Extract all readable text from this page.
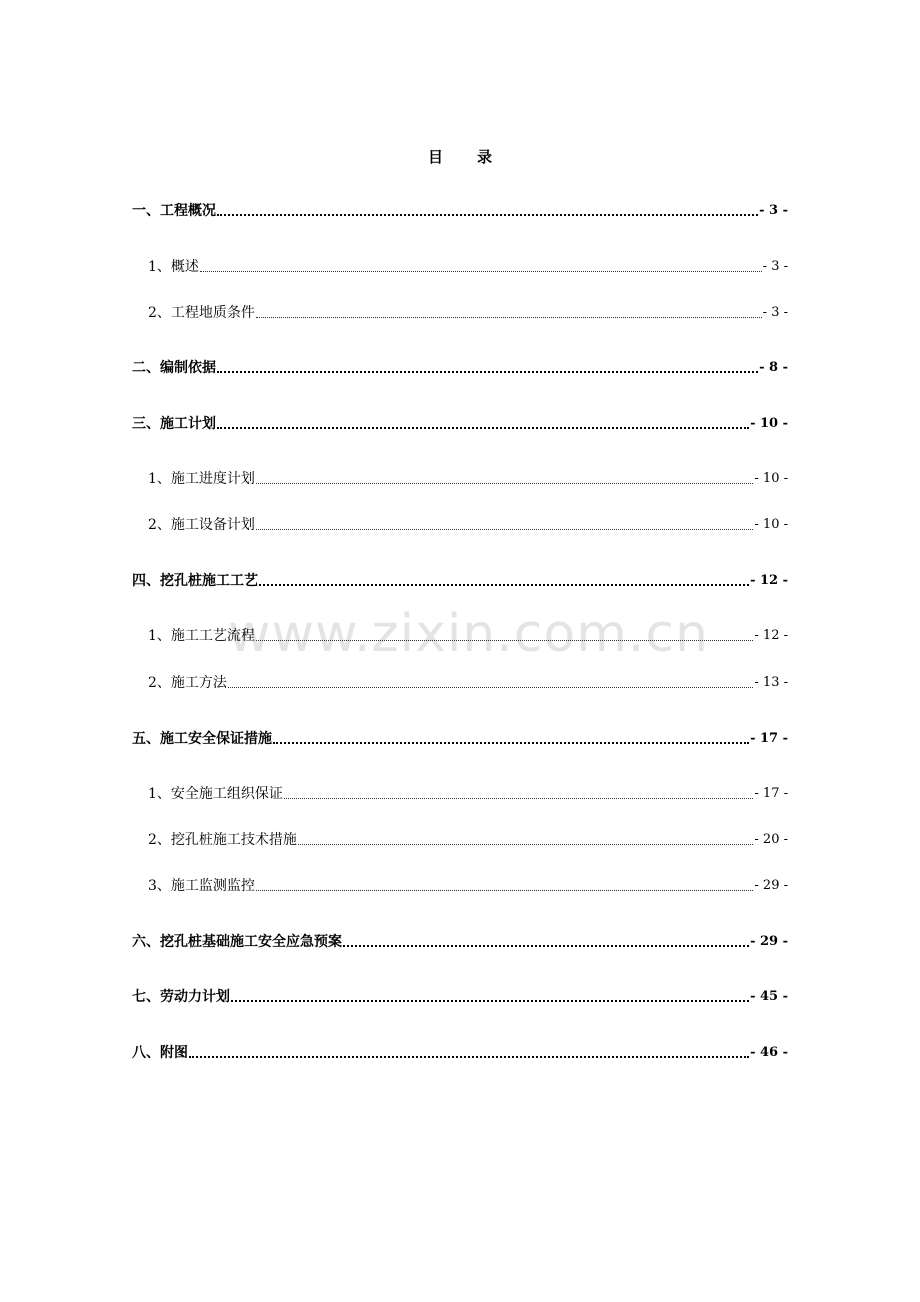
目 录
www.zixin.com.cn
一、工程概况	- 3 -
1、概述	- 3 -
2、工程地质条件	- 3 -
二、编制依据	- 8 -
三、施工计划	- 10 -
1、施工进度计划	- 10 -
2、施工设备计划	- 10 -
四、挖孔桩施工工艺	- 12 -
1、施工工艺流程	- 12 -
2、施工方法	- 13 -
五、施工安全保证措施	- 17 -
1、安全施工组织保证	- 17 -
2、挖孔桩施工技术措施	- 20 -
3、施工监测监控	- 29 -
六、挖孔桩基础施工安全应急预案	- 29 -
七、劳动力计划	- 45 -
八、附图	- 46 -
